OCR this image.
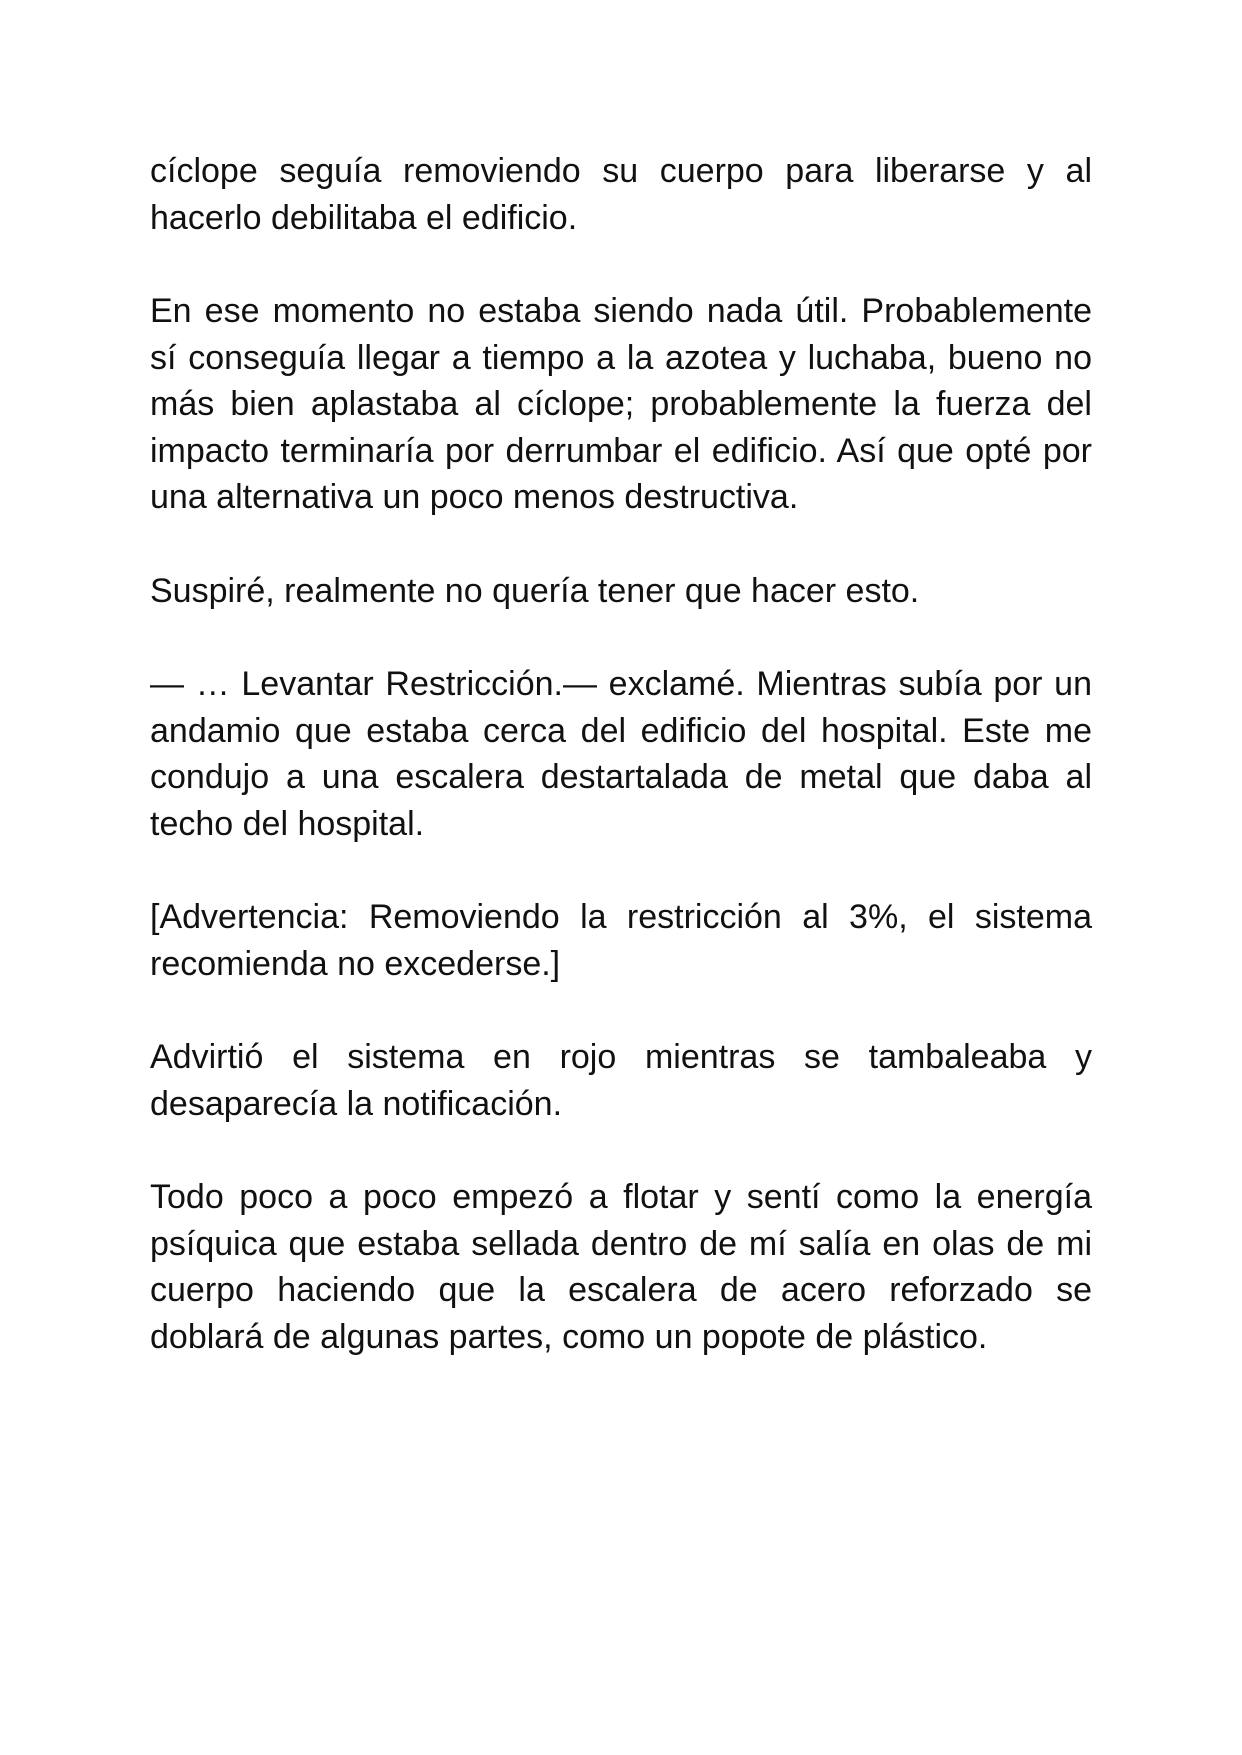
cíclope seguía removiendo su cuerpo para liberarse y al hacerlo debilitaba el edificio.

En ese momento no estaba siendo nada útil. Probablemente sí conseguía llegar a tiempo a la azotea y luchaba, bueno no más bien aplastaba al cíclope; probablemente la fuerza del impacto terminaría por derrumbar el edificio. Así que opté por una alternativa un poco menos destructiva.

Suspiré, realmente no quería tener que hacer esto.

— … Levantar Restricción.— exclamé. Mientras subía por un andamio que estaba cerca del edificio del hospital. Este me condujo a una escalera destartalada de metal que daba al techo del hospital.

[Advertencia: Removiendo la restricción al 3%, el sistema recomienda no excederse.]

Advirtió el sistema en rojo mientras se tambaleaba y desaparecía la notificación.

Todo poco a poco empezó a flotar y sentí como la energía psíquica que estaba sellada dentro de mí salía en olas de mi cuerpo haciendo que la escalera de acero reforzado se doblará de algunas partes, como un popote de plástico.
